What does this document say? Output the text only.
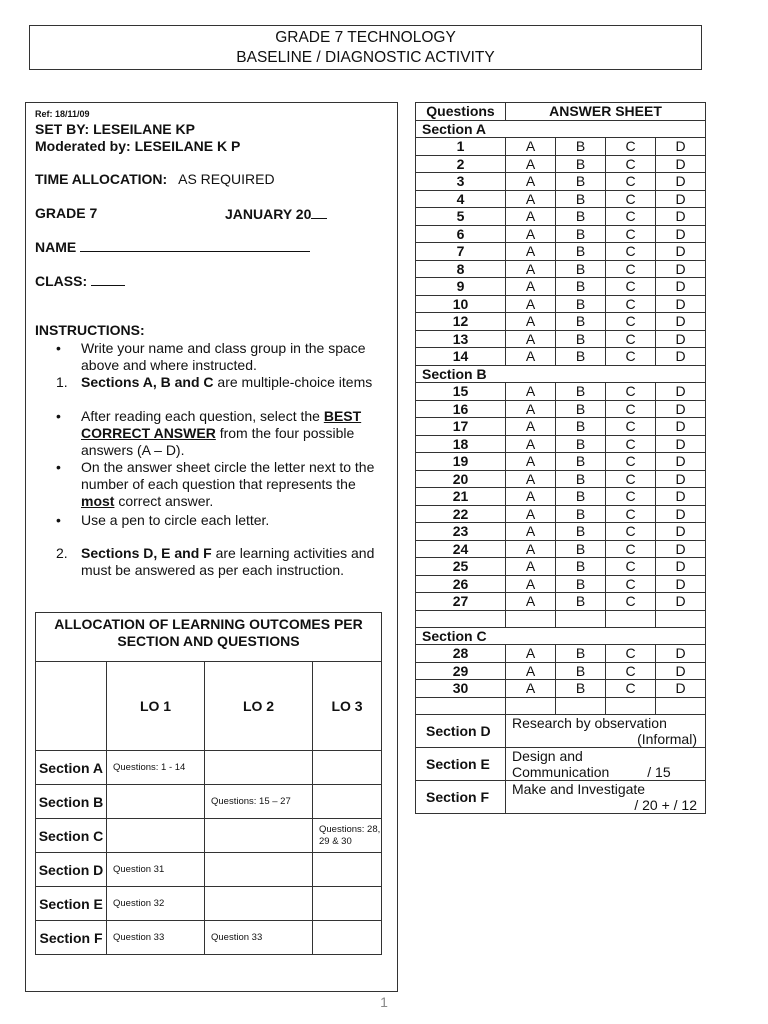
GRADE 7 TECHNOLOGY
BASELINE / DIAGNOSTIC ACTIVITY
Ref: 18/11/09
SET BY: LESEILANE KP
Moderated by: LESEILANE K P
TIME ALLOCATION: AS REQUIRED
GRADE 7	JANUARY 20
NAME
CLASS:
INSTRUCTIONS:
•	Write your name and class group in the space above and where instructed.
1. Sections A, B and C are multiple-choice items
•	After reading each question, select the BEST CORRECT ANSWER from the four possible answers (A – D).
•	On the answer sheet circle the letter next to the number of each question that represents the most correct answer.
•	Use a pen to circle each letter.
2. Sections D, E and F are learning activities and must be answered as per each instruction.
ALLOCATION OF LEARNING OUTCOMES PER SECTION AND QUESTIONS			
	LO 1	LO 2	LO 3
Section A	Questions: 1 - 14		
Section B		Questions: 15 – 27	
Section C			Questions: 28, 29 & 30
Section D	Question 31		
Section E	Question 32		
Section F	Question 33	Question 33	
Questions	ANSWER SHEET			
Section A				
1	A	B	C	D
2	A	B	C	D
3	A	B	C	D
4	A	B	C	D
5	A	B	C	D
6	A	B	C	D
7	A	B	C	D
8	A	B	C	D
9	A	B	C	D
10	A	B	C	D
12	A	B	C	D
13	A	B	C	D
14	A	B	C	D
Section B				
15	A	B	C	D
16	A	B	C	D
17	A	B	C	D
18	A	B	C	D
19	A	B	C	D
20	A	B	C	D
21	A	B	C	D
22	A	B	C	D
23	A	B	C	D
24	A	B	C	D
25	A	B	C	D
26	A	B	C	D
27	A	B	C	D

Section C				
28	A	B	C	D
29	A	B	C	D
30	A	B	C	D

Section D	Research by observation
(Informal)			

Section E	Design and
Communication / 15			

Section F	Make and Investigate
/ 20 + / 12			
1
